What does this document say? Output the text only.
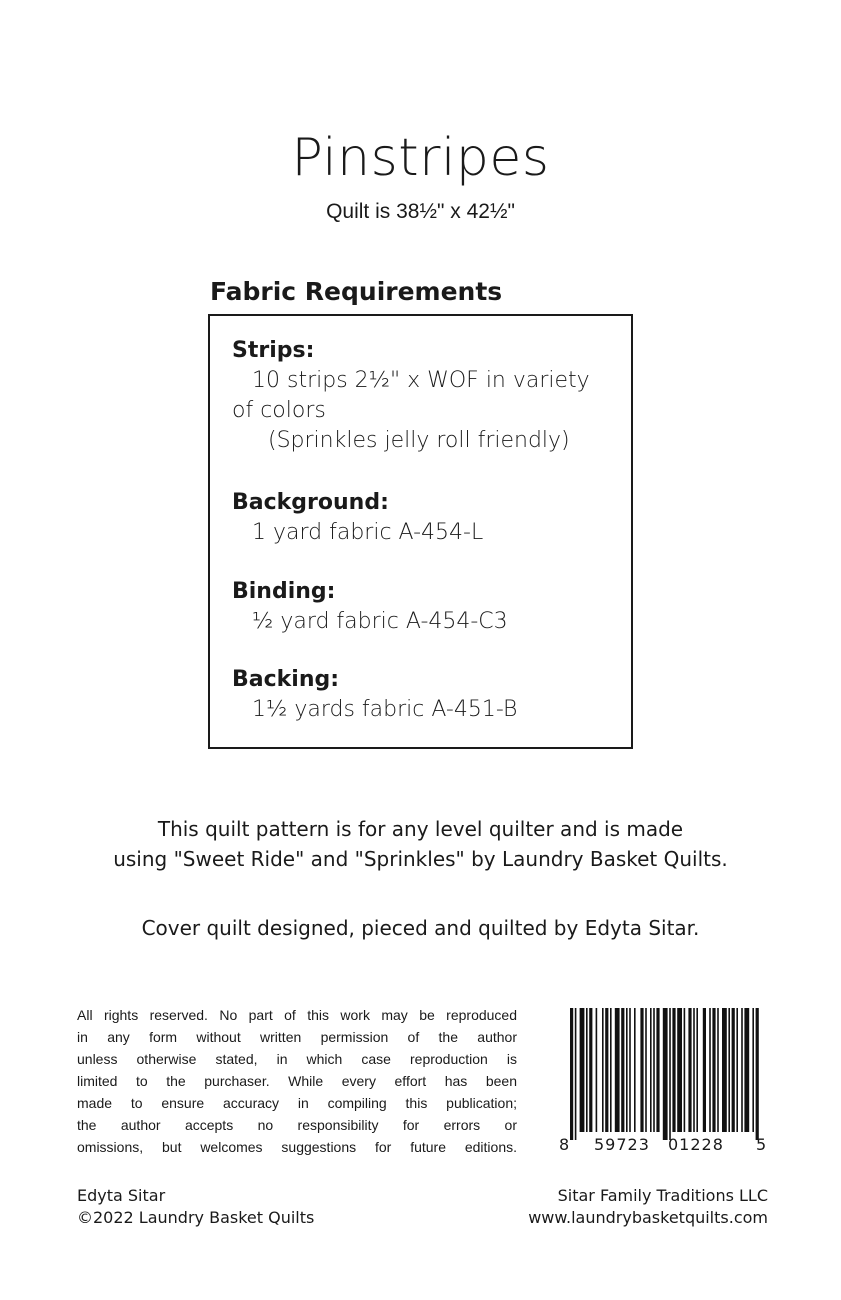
Pinstripes
Quilt is 38½" x 42½"
Fabric Requirements
Strips:
10 strips 2½" x WOF in variety
of colors
(Sprinkles jelly roll friendly)
Background:
1 yard fabric A-454-L
Binding:
½ yard fabric A-454-C3
Backing:
1½ yards fabric A-451-B
This quilt pattern is for any level quilter and is made
using "Sweet Ride" and "Sprinkles" by Laundry Basket Quilts.
Cover quilt designed, pieced and quilted by Edyta Sitar.
All rights reserved. No part of this work may be reproduced
in any form without written permission of the author
unless otherwise stated, in which case reproduction is
limited to the purchaser. While every effort has been
made to ensure accuracy in compiling this publication;
the author accepts no responsibility for errors or
omissions, but welcomes suggestions for future editions.	8 59723 01228 5
Edyta Sitar
©2022 Laundry Basket Quilts
Sitar Family Traditions LLC
www.laundrybasketquilts.com
